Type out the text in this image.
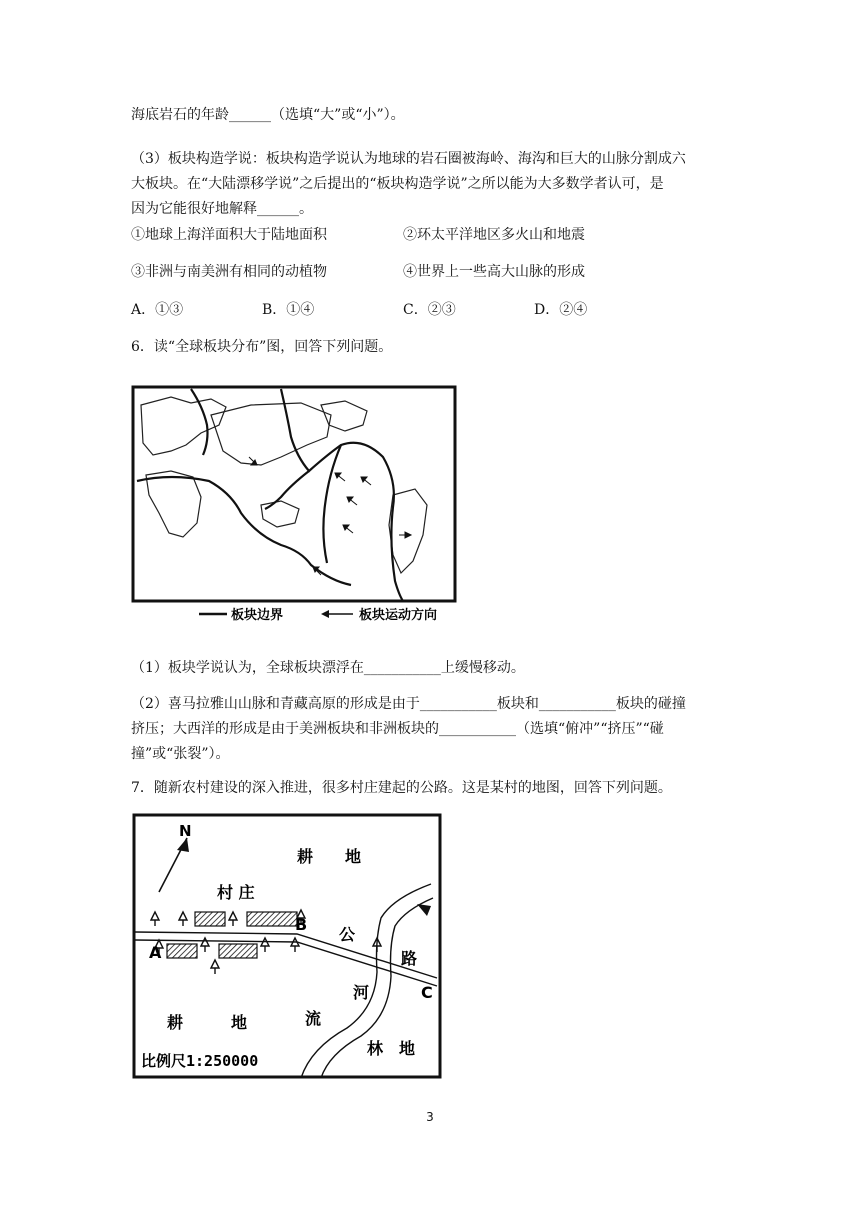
海底岩石的年龄______（选填“大”或“小”）。
（3）板块构造学说：板块构造学说认为地球的岩石圈被海岭、海沟和巨大的山脉分割成六
大板块。在“大陆漂移学说”之后提出的“板块构造学说”之所以能为大多数学者认可，是
因为它能很好地解释______。
①地球上海洋面积大于陆地面积	②环太平洋地区多火山和地震
③非洲与南美洲有相同的动植物	④世界上一些高大山脉的形成
A．①③	B．①④	C．②③	D．②④
6．读“全球板块分布”图，回答下列问题。
板块边界	板块运动方向
（1）板块学说认为，全球板块漂浮在___________上缓慢移动。
（2）喜马拉雅山山脉和青藏高原的形成是由于___________板块和___________板块的碰撞
挤压；大西洋的形成是由于美洲板块和非洲板块的___________（选填“俯冲”“挤压”“碰
撞”或“张裂”）。
7．随新农村建设的深入推进，很多村庄建起的公路。这是某村的地图，回答下列问题。
N
耕　　地
村 庄
A
B
C
公
路
河
流
耕　　　地
林　地
比例尺1:250000
3
